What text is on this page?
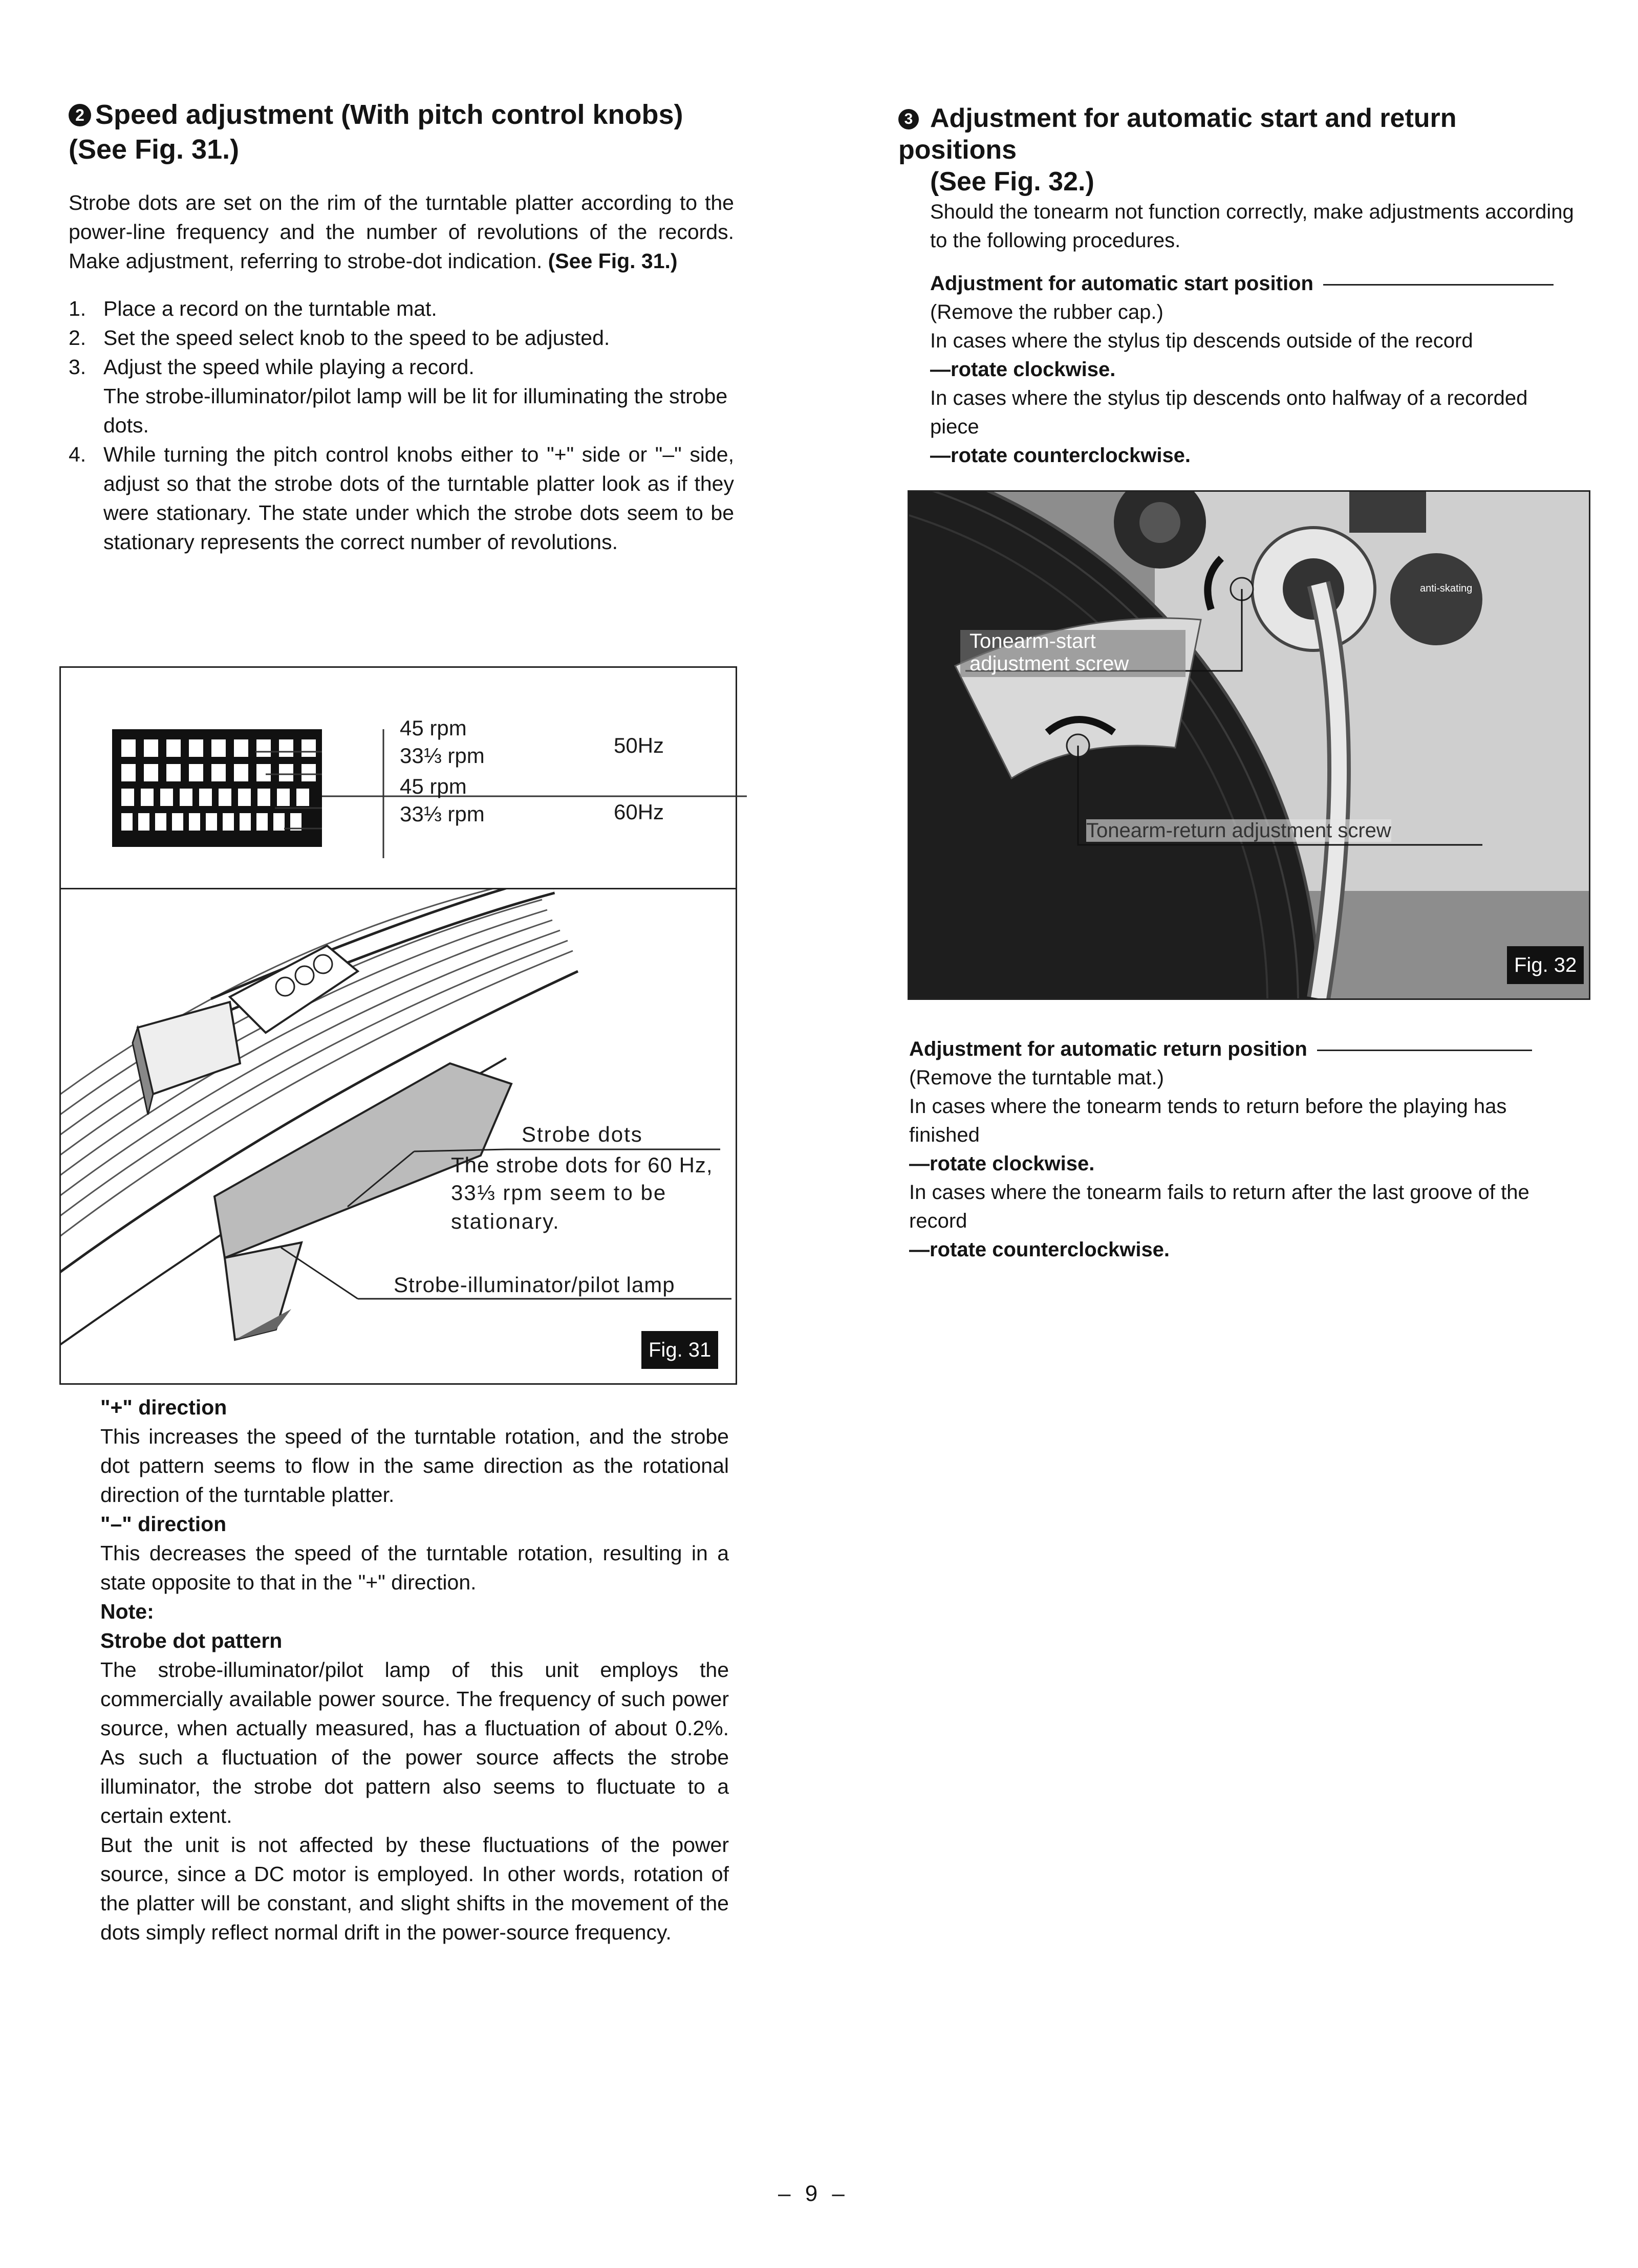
2 Speed adjustment (With pitch control knobs)
(See Fig. 31.)

Strobe dots are set on the rim of the turntable platter according to the power-line frequency and the number of revolutions of the records. Make adjustment, referring to strobe-dot indication. (See Fig. 31.)

1. Place a record on the turntable mat.
2. Set the speed select knob to the speed to be adjusted.
3. Adjust the speed while playing a record.
The strobe-illuminator/pilot lamp will be lit for illuminating the strobe dots.
4. While turning the pitch control knobs either to "+" side or "–" side, adjust so that the strobe dots of the turntable platter look as if they were stationary. The state under which the strobe dots seem to be stationary represents the correct number of revolutions.
45 rpm
33⅓ rpm
45 rpm
33⅓ rpm
50Hz
60Hz
Strobe dots
The strobe dots for 60 Hz,
33⅓ rpm seem to be
stationary.
Strobe-illuminator/pilot lamp
Fig. 31

"+" direction

This increases the speed of the turntable rotation, and the strobe dot pattern seems to flow in the same direction as the rotational direction of the turntable platter.

"–" direction

This decreases the speed of the turntable rotation, resulting in a state opposite to that in the "+" direction.

Note:

Strobe dot pattern

The strobe-illuminator/pilot lamp of this unit employs the commercially available power source. The frequency of such power source, when actually measured, has a fluctuation of about 0.2%. As such a fluctuation of the power source affects the strobe illuminator, the strobe dot pattern also seems to fluctuate to a certain extent.

But the unit is not affected by these fluctuations of the power source, since a DC motor is employed. In other words, rotation of the platter will be constant, and slight shifts in the movement of the dots simply reflect normal drift in the power-source frequency.

3 Adjustment for automatic start and return positions
(See Fig. 32.)

Should the tonearm not function correctly, make adjustments according to the following procedures.

Adjustment for automatic start position

(Remove the rubber cap.)

In cases where the stylus tip descends outside of the record

—rotate clockwise.

In cases where the stylus tip descends onto halfway of a recorded piece

—rotate counterclockwise.

Tonearm-start
adjustment screw
Tonearm-return adjustment screw
anti-skating
Fig. 32

Adjustment for automatic return position

(Remove the turntable mat.)

In cases where the tonearm tends to return before the playing has finished

—rotate clockwise.

In cases where the tonearm fails to return after the last groove of the record

—rotate counterclockwise.

– 9 –
